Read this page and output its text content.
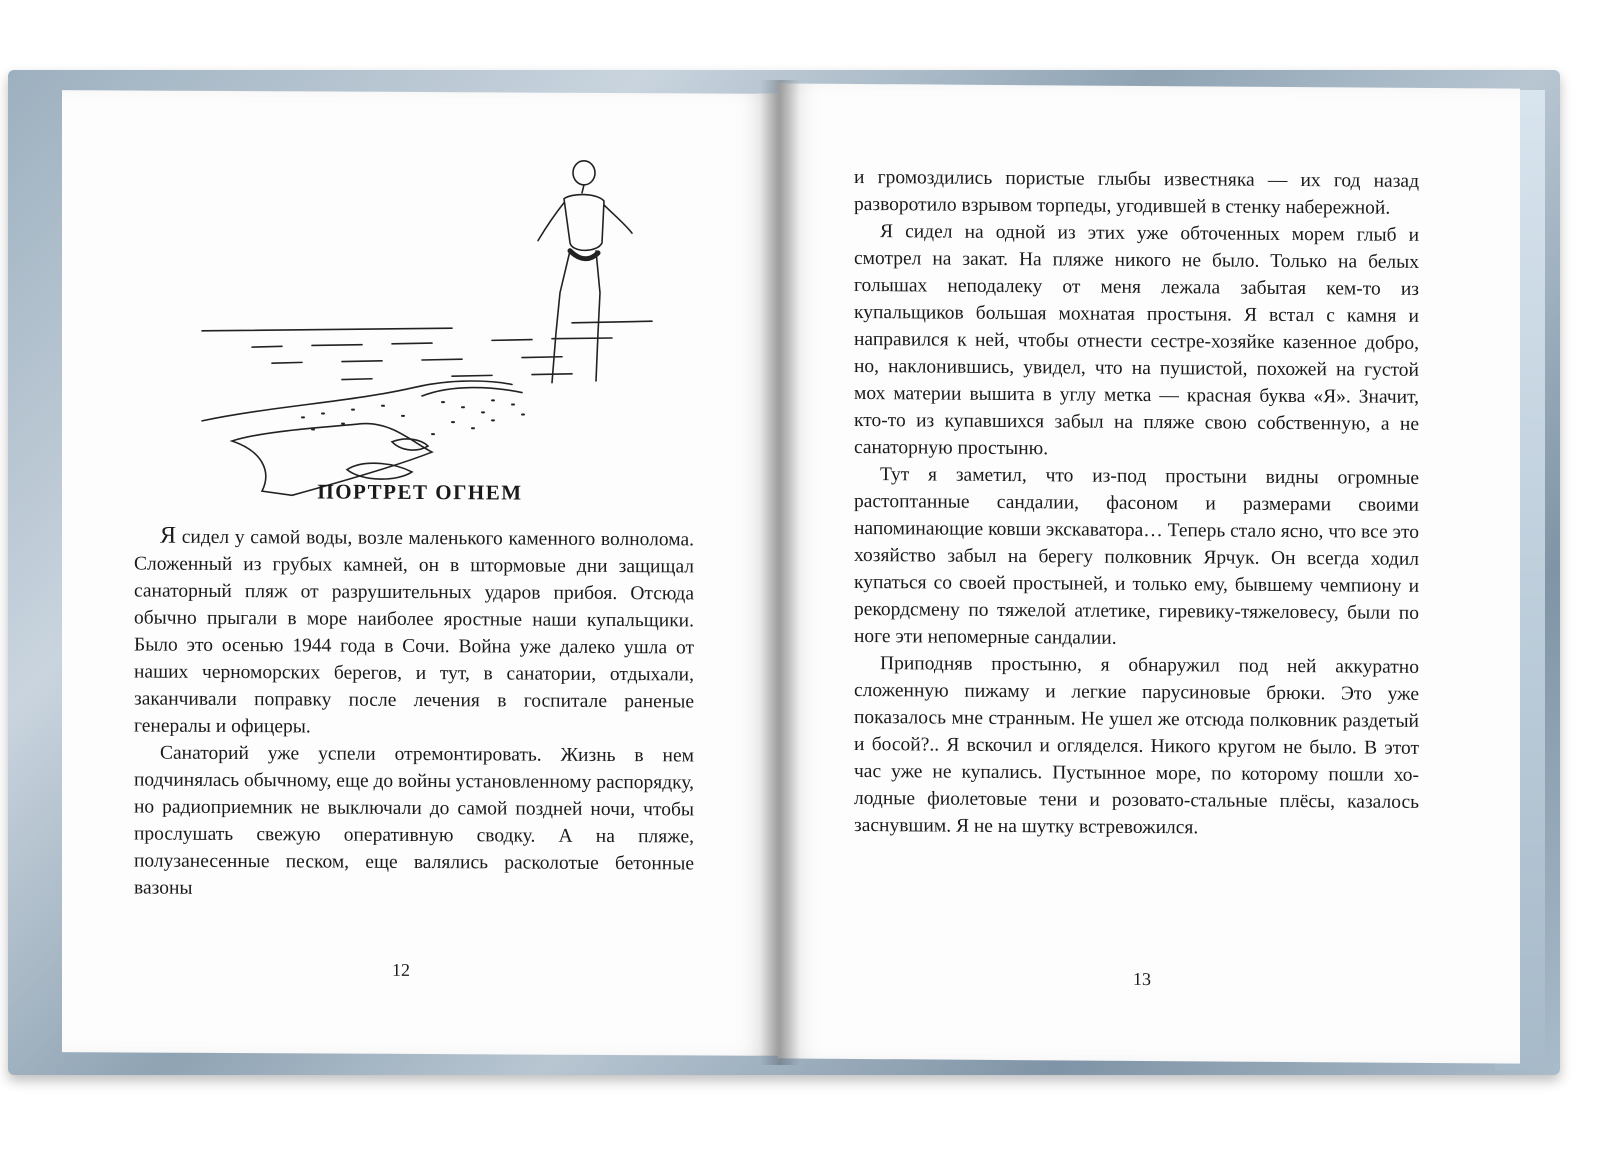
ПОРТРЕТ ОГНЕМ

Я сидел у самой воды, возле маленького каменного волнолома. Сложенный из грубых камней, он в штормовые дни защищал санаторный пляж от разрушительных ударов прибоя. Отсюда обычно прыгали в море наиболее яростные наши купальщики. Было это осенью 1944 года в Сочи. Война уже далеко ушла от наших черноморских берегов, и тут, в санатории, отдыхали, заканчивали поправку после лечения в госпитале раненые генералы и офицеры.

Санаторий уже успели отремонтировать. Жизнь в нем подчинялась обычному, еще до войны установленному распорядку, но радиоприемник не выключали до самой поздней ночи, чтобы прослушать свежую оперативную сводку. А на пляже, полузанесенные песком, еще валялись расколотые бетонные вазоны

12

и громоздились пористые глыбы известняка — их год назад разворотило взрывом торпеды, угодившей в стенку набережной.

Я сидел на одной из этих уже обточенных морем глыб и смотрел на закат. На пляже никого не было. Только на белых голышах неподалеку от меня лежала забытая кем-то из купальщиков большая мохнатая простыня. Я встал с камня и направился к ней, чтобы отнести сестре-хозяйке казенное добро, но, наклонившись, увидел, что на пушистой, похожей на густой мох материи вышита в углу метка — красная буква «Я». Значит, кто-то из купавшихся забыл на пляже свою собственную, а не санаторную простыню.

Тут я заметил, что из-под простыни видны огромные растоптанные сандалии, фасоном и размерами своими напоминающие ковши экскаватора… Теперь стало ясно, что все это хозяйство забыл на берегу полковник Ярчук. Он всегда ходил купаться со своей простыней, и только ему, бывшему чемпиону и рекордсмену по тяжелой атлетике, гиревику-тяжеловесу, были по ноге эти непомерные сандалии.

Приподняв простыню, я обнаружил под ней аккуратно сложенную пижаму и легкие парусиновые брюки. Это уже показалось мне странным. Не ушел же отсюда полковник раздетый и босой?.. Я вскочил и огляделся. Никого кругом не было. В этот час уже не купались. Пустынное море, по которому пошли холодные фиолетовые тени и розовато-стальные плёсы, казалось заснувшим. Я не на шутку встревожился.

13
